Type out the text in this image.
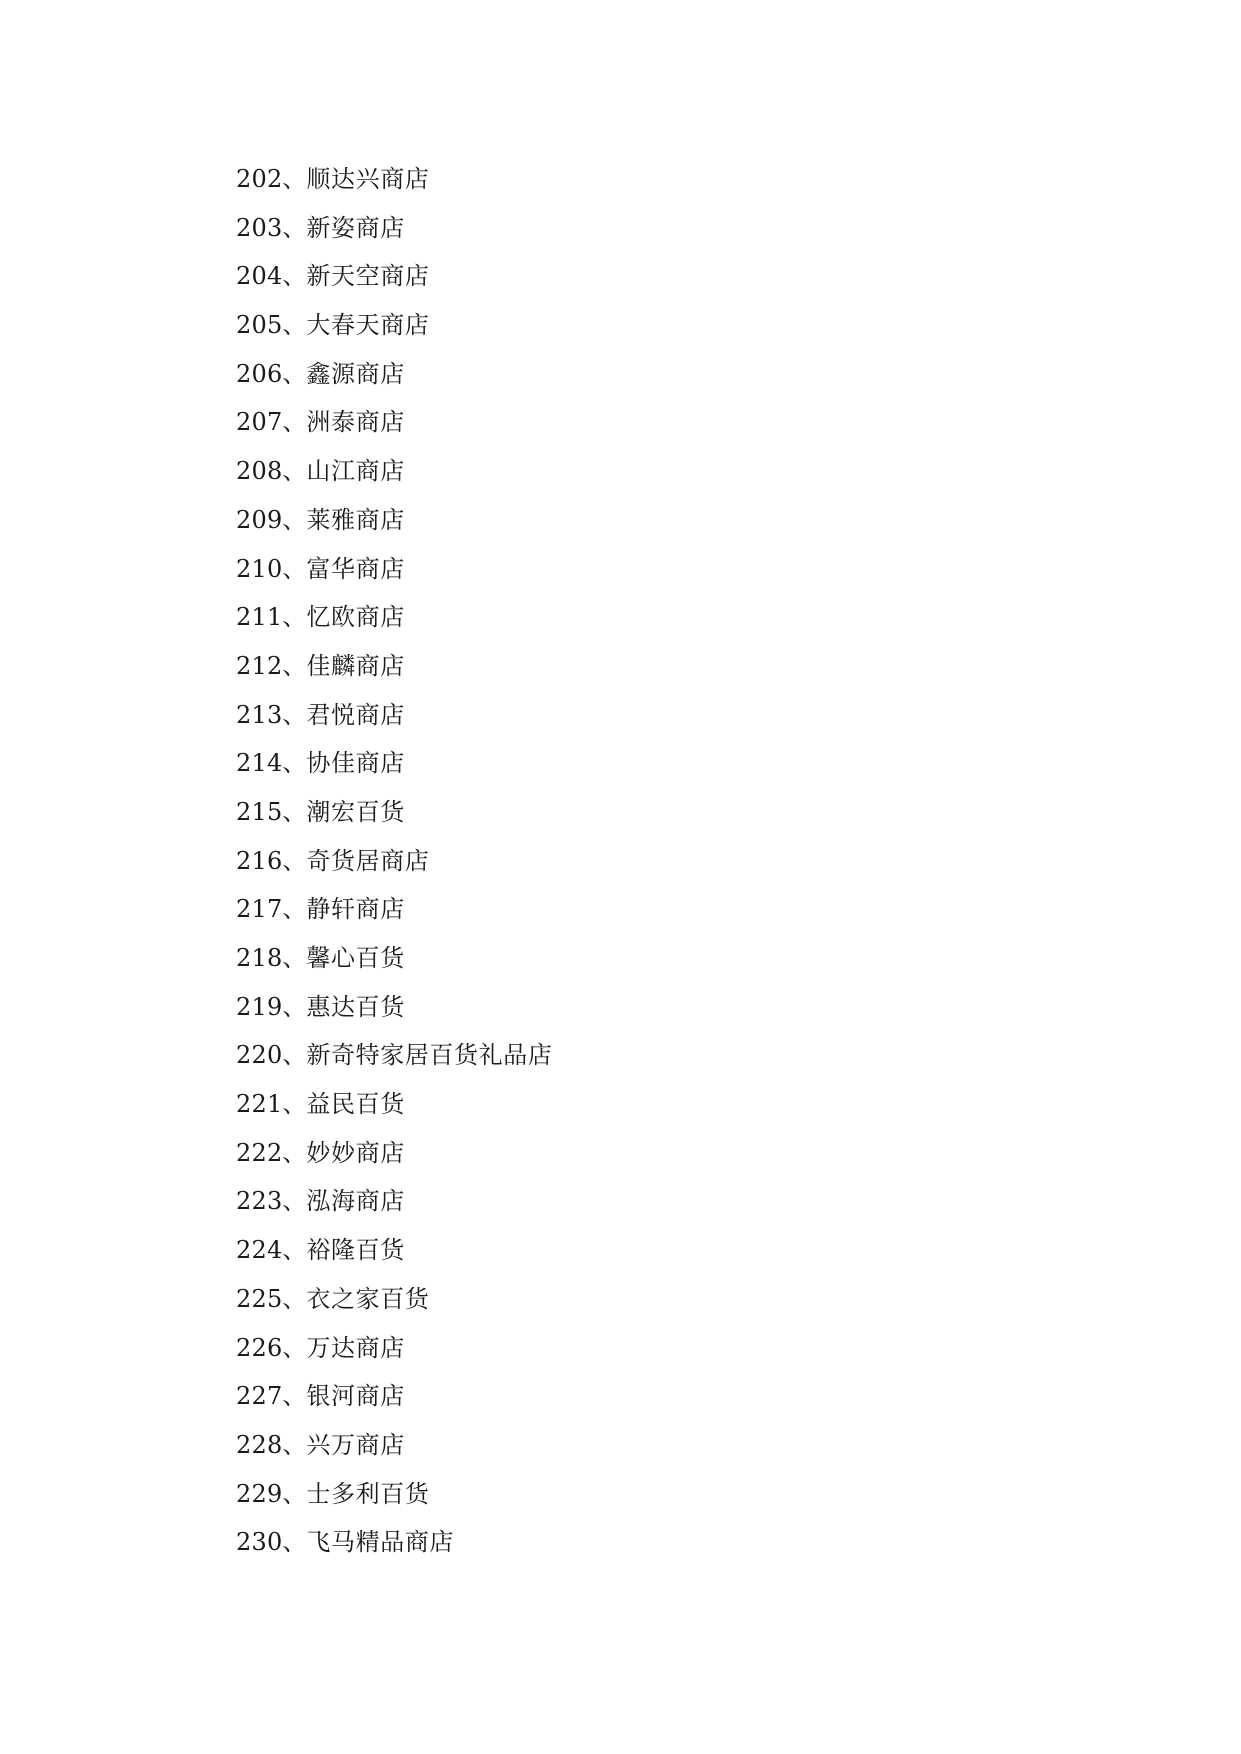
202、顺达兴商店
203、新姿商店
204、新天空商店
205、大春天商店
206、鑫源商店
207、洲泰商店
208、山江商店
209、莱雅商店
210、富华商店
211、忆欧商店
212、佳麟商店
213、君悦商店
214、协佳商店
215、潮宏百货
216、奇货居商店
217、静轩商店
218、馨心百货
219、惠达百货
220、新奇特家居百货礼品店
221、益民百货
222、妙妙商店
223、泓海商店
224、裕隆百货
225、衣之家百货
226、万达商店
227、银河商店
228、兴万商店
229、士多利百货
230、飞马精品商店
